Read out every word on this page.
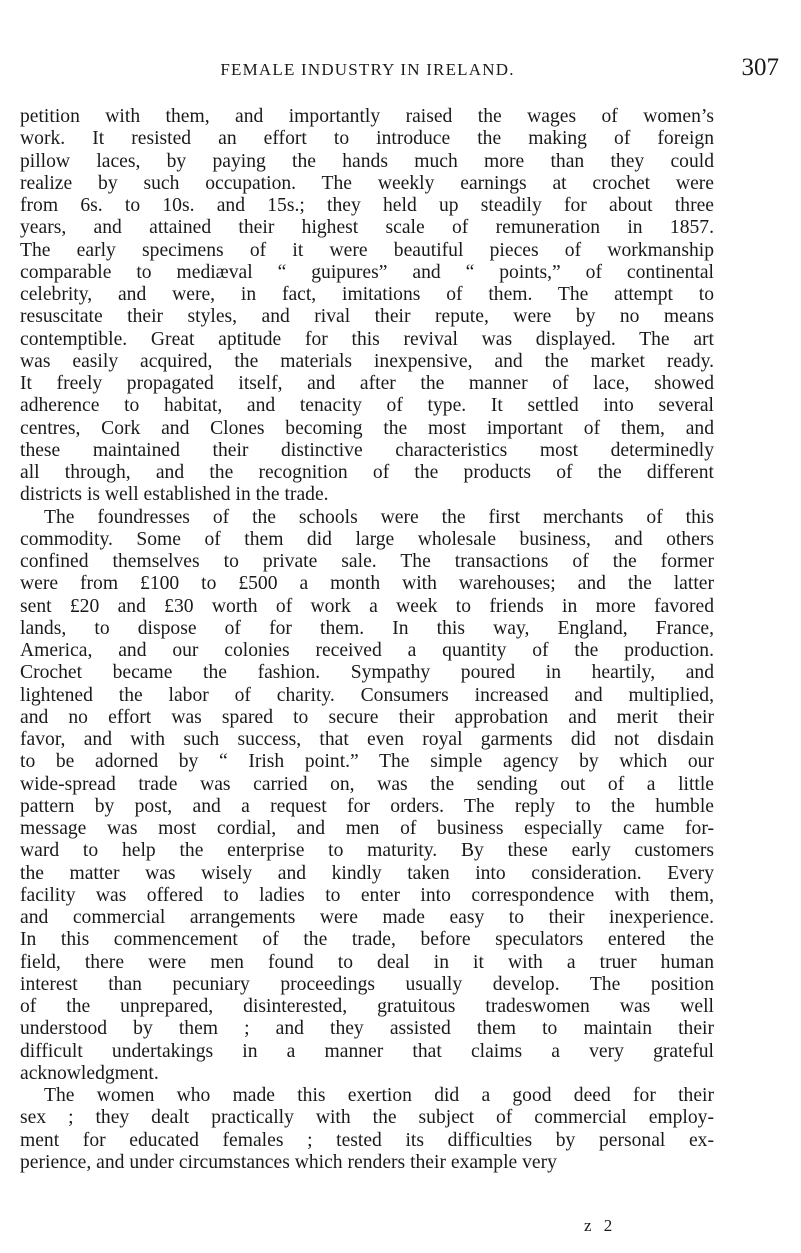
FEMALE INDUSTRY IN IRELAND.	307
petition with them, and importantly raised the wages of women’s
work. It resisted an effort to introduce the making of foreign
pillow laces, by paying the hands much more than they could
realize by such occupation. The weekly earnings at crochet were
from 6s. to 10s. and 15s.; they held up steadily for about three
years, and attained their highest scale of remuneration in 1857.
The early specimens of it were beautiful pieces of workmanship
comparable to mediæval “ guipures” and “ points,” of continental
celebrity, and were, in fact, imitations of them. The attempt to
resuscitate their styles, and rival their repute, were by no means
contemptible. Great aptitude for this revival was displayed. The art
was easily acquired, the materials inexpensive, and the market ready.
It freely propagated itself, and after the manner of lace, showed
adherence to habitat, and tenacity of type. It settled into several
centres, Cork and Clones becoming the most important of them, and
these maintained their distinctive characteristics most determinedly
all through, and the recognition of the products of the different
districts is well established in the trade.
The foundresses of the schools were the first merchants of this
commodity. Some of them did large wholesale business, and others
confined themselves to private sale. The transactions of the former
were from £100 to £500 a month with warehouses; and the latter
sent £20 and £30 worth of work a week to friends in more favored
lands, to dispose of for them. In this way, England, France,
America, and our colonies received a quantity of the production.
Crochet became the fashion. Sympathy poured in heartily, and
lightened the labor of charity. Consumers increased and multiplied,
and no effort was spared to secure their approbation and merit their
favor, and with such success, that even royal garments did not disdain
to be adorned by “ Irish point.” The simple agency by which our
wide-spread trade was carried on, was the sending out of a little
pattern by post, and a request for orders. The reply to the humble
message was most cordial, and men of business especially came for-
ward to help the enterprise to maturity. By these early customers
the matter was wisely and kindly taken into consideration. Every
facility was offered to ladies to enter into correspondence with them,
and commercial arrangements were made easy to their inexperience.
In this commencement of the trade, before speculators entered the
field, there were men found to deal in it with a truer human
interest than pecuniary proceedings usually develop. The position
of the unprepared, disinterested, gratuitous tradeswomen was well
understood by them ; and they assisted them to maintain their
difficult undertakings in a manner that claims a very grateful
acknowledgment.
The women who made this exertion did a good deed for their
sex ; they dealt practically with the subject of commercial employ-
ment for educated females ; tested its difficulties by personal ex-
perience, and under circumstances which renders their example very
z 2
